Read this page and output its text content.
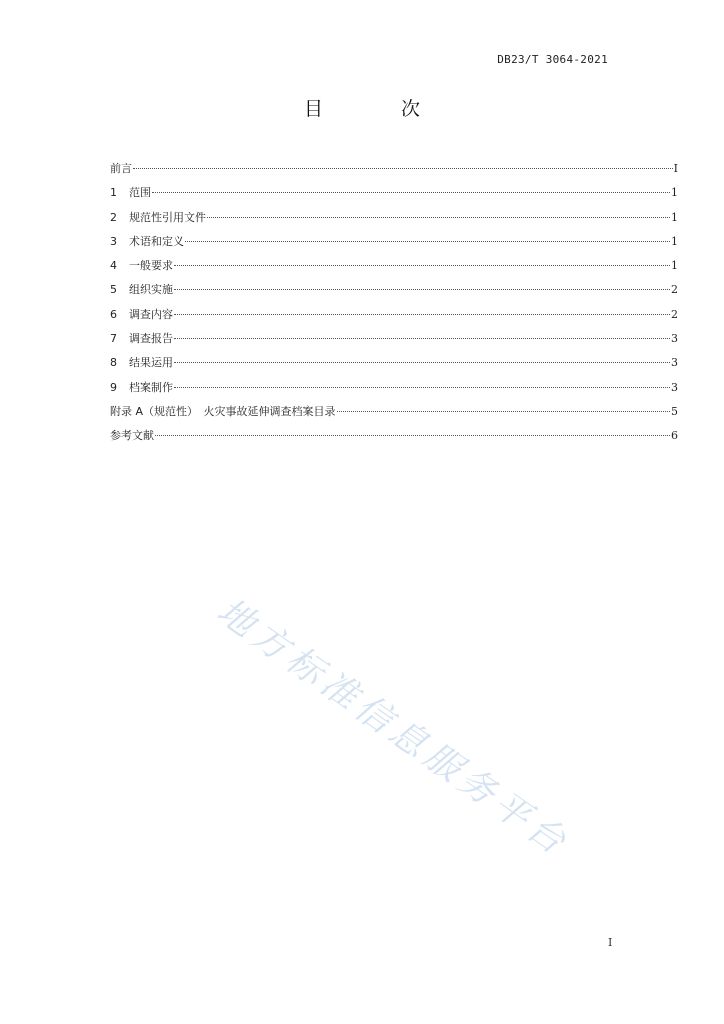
DB23/T 3064-2021
目 次
前言	I
1 范围	1
2 规范性引用文件	1
3 术语和定义	1
4 一般要求	1
5 组织实施	2
6 调查内容	2
7 调查报告	3
8 结果运用	3
9 档案制作	3
附录 A（规范性）　火灾事故延伸调查档案目录	5
参考文献	6
地方标准信息服务平台
I
